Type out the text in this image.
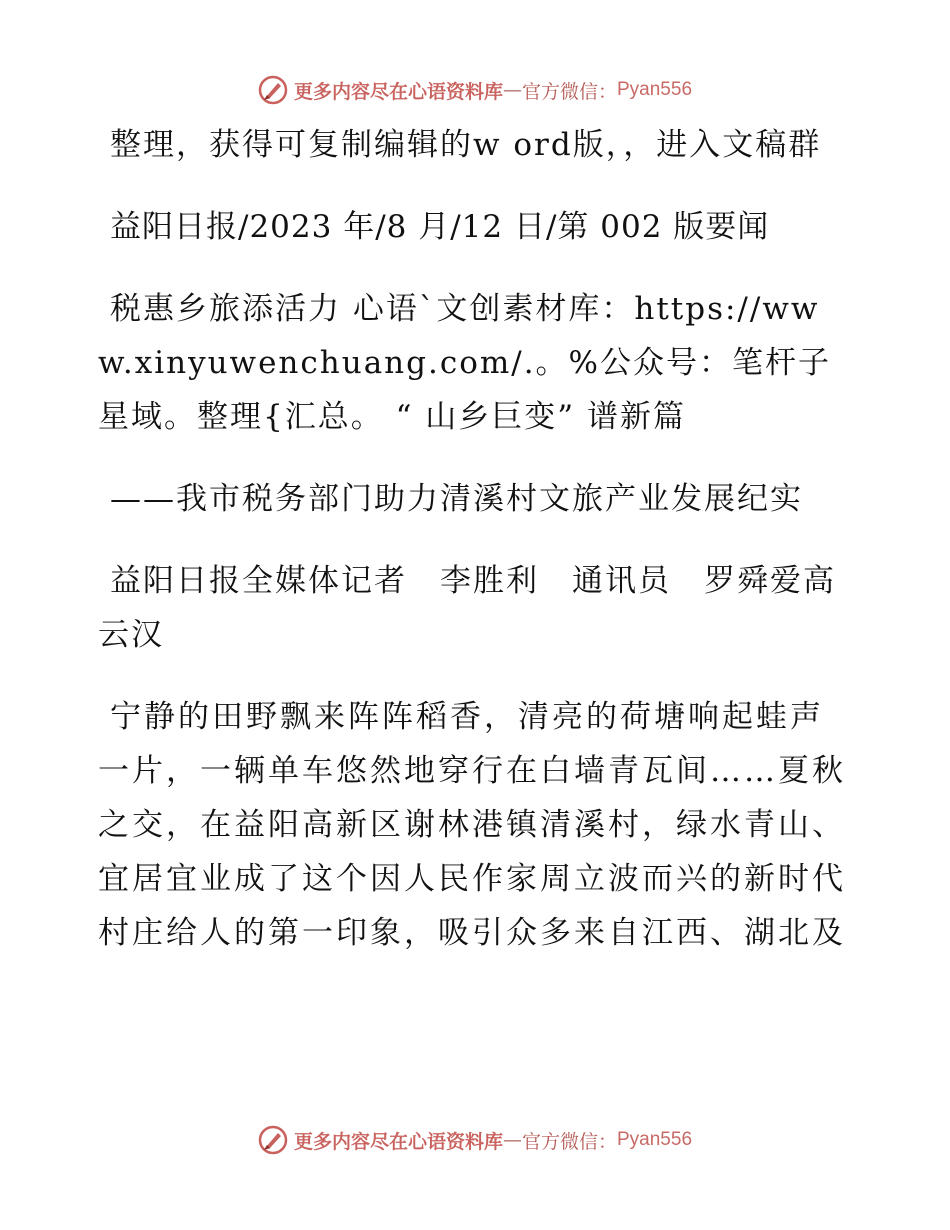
更多内容尽在心语资料库 — 官方微信： Pyan556

整理，获得可复制编辑的w ord版，，进入文稿群

益阳日报/2023 年/8 月/12 日/第 002 版要闻

税惠乡旅添活力 心语`文创素材库：https://www.xinyuwenchuang.com/.。%公众号：笔杆子星域。整理{汇总。 “ 山乡巨变” 谱新篇

——我市税务部门助力清溪村文旅产业发展纪实

益阳日报全媒体记者　李胜利　通讯员　罗舜爱高云汉

宁静的田野飘来阵阵稻香，清亮的荷塘响起蛙声一片，一辆单车悠然地穿行在白墙青瓦间……夏秋之交，在益阳高新区谢林港镇清溪村，绿水青山、宜居宜业成了这个因人民作家周立波而兴的新时代村庄给人的第一印象，吸引众多来自江西、湖北及

更多内容尽在心语资料库 — 官方微信： Pyan556
